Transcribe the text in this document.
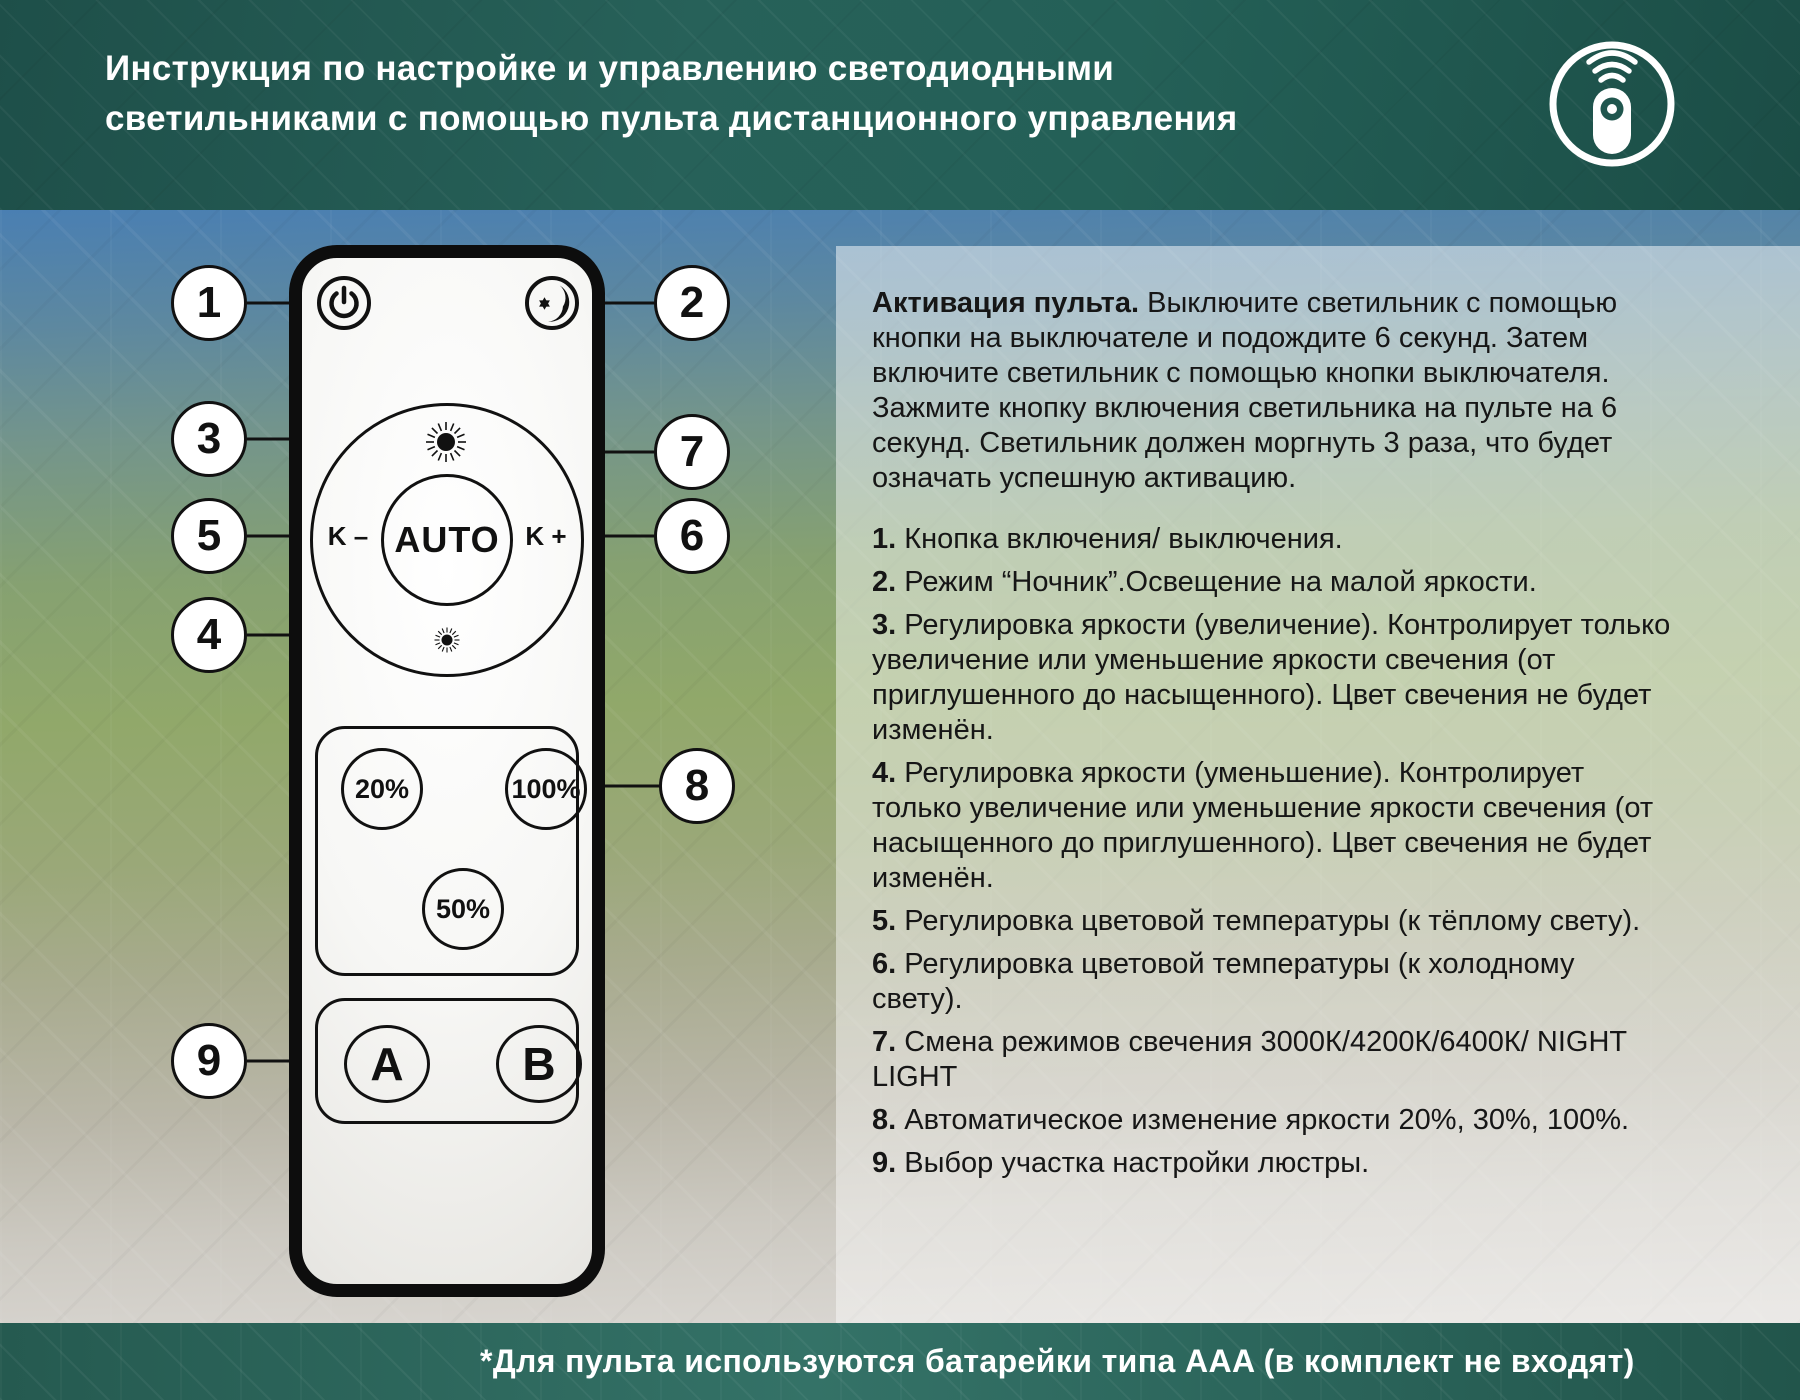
Инструкция по настройке и управлению светодиодными
светильниками с помощью пульта дистанционного управления
K –	K +
AUTO
20%	100%
50%
A	B
1	2
3	7
5	6
4
8
9

Активация пульта. Выключите светильник с помощью кнопки на выключателе и подождите 6 секунд. Затем включите светильник с помощью кнопки выключателя. Зажмите кнопку включения светильника на пульте на 6 секунд. Светильник должен моргнуть 3 раза, что будет означать успешную активацию.

1. Кнопка включения/ выключения.
2. Режим “Ночник”.Освещение на малой яркости.
3. Регулировка яркости (увеличение). Контролирует только увеличение или уменьшение яркости свечения (от приглушенного до насыщенного). Цвет свечения не будет изменён.
4. Регулировка яркости (уменьшение). Контролирует только увеличение или уменьшение яркости свечения (от насыщенного до приглушенного). Цвет свечения не будет изменён.
5. Регулировка цветовой температуры (к тёплому свету).
6. Регулировка цветовой температуры (к холодному свету).
7. Смена режимов свечения 3000К/4200К/6400К/ NIGHT LIGHT
8. Автоматическое изменение яркости 20%, 30%, 100%.
9. Выбор участка настройки люстры.
*Для пульта используются батарейки типа AAA (в комплект не входят)
